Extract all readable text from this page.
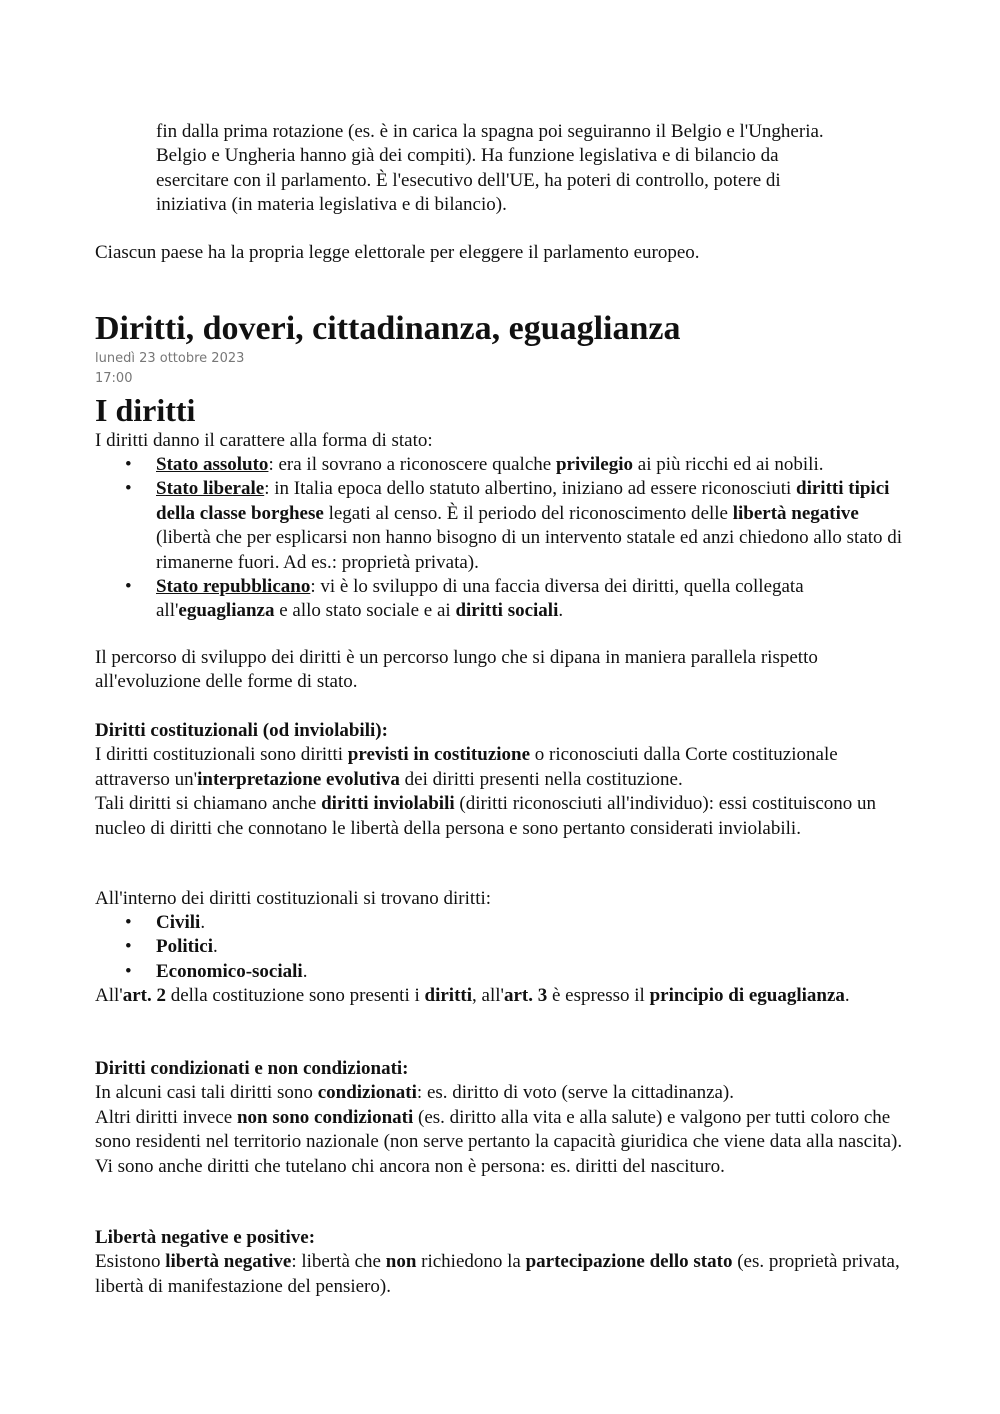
fin dalla prima rotazione (es. è in carica la spagna poi seguiranno il Belgio e l'Ungheria.
Belgio e Ungheria hanno già dei compiti). Ha funzione legislativa e di bilancio da
esercitare con il parlamento. È l'esecutivo dell'UE, ha poteri di controllo, potere di
iniziativa (in materia legislativa e di bilancio).
Ciascun paese ha la propria legge elettorale per eleggere il parlamento europeo.
Diritti, doveri, cittadinanza, eguaglianza
lunedì 23 ottobre 2023
17:00
I diritti
I diritti danno il carattere alla forma di stato:
• Stato assoluto: era il sovrano a riconoscere qualche privilegio ai più ricchi ed ai nobili.
• Stato liberale: in Italia epoca dello statuto albertino, iniziano ad essere riconosciuti diritti tipici della classe borghese legati al censo. È il periodo del riconoscimento delle libertà negative (libertà che per esplicarsi non hanno bisogno di un intervento statale ed anzi chiedono allo stato di rimanerne fuori. Ad es.: proprietà privata).
• Stato repubblicano: vi è lo sviluppo di una faccia diversa dei diritti, quella collegata all'eguaglianza e allo stato sociale e ai diritti sociali.
Il percorso di sviluppo dei diritti è un percorso lungo che si dipana in maniera parallela rispetto all'evoluzione delle forme di stato.
Diritti costituzionali (od inviolabili):
I diritti costituzionali sono diritti previsti in costituzione o riconosciuti dalla Corte costituzionale attraverso un'interpretazione evolutiva dei diritti presenti nella costituzione.
Tali diritti si chiamano anche diritti inviolabili (diritti riconosciuti all'individuo): essi costituiscono un nucleo di diritti che connotano le libertà della persona e sono pertanto considerati inviolabili.
All'interno dei diritti costituzionali si trovano diritti:
• Civili.
• Politici.
• Economico-sociali.
All'art. 2 della costituzione sono presenti i diritti, all'art. 3 è espresso il principio di eguaglianza.
Diritti condizionati e non condizionati:
In alcuni casi tali diritti sono condizionati: es. diritto di voto (serve la cittadinanza).
Altri diritti invece non sono condizionati (es. diritto alla vita e alla salute) e valgono per tutti coloro che sono residenti nel territorio nazionale (non serve pertanto la capacità giuridica che viene data alla nascita).
Vi sono anche diritti che tutelano chi ancora non è persona: es. diritti del nascituro.
Libertà negative e positive:
Esistono libertà negative: libertà che non richiedono la partecipazione dello stato (es. proprietà privata, libertà di manifestazione del pensiero).
